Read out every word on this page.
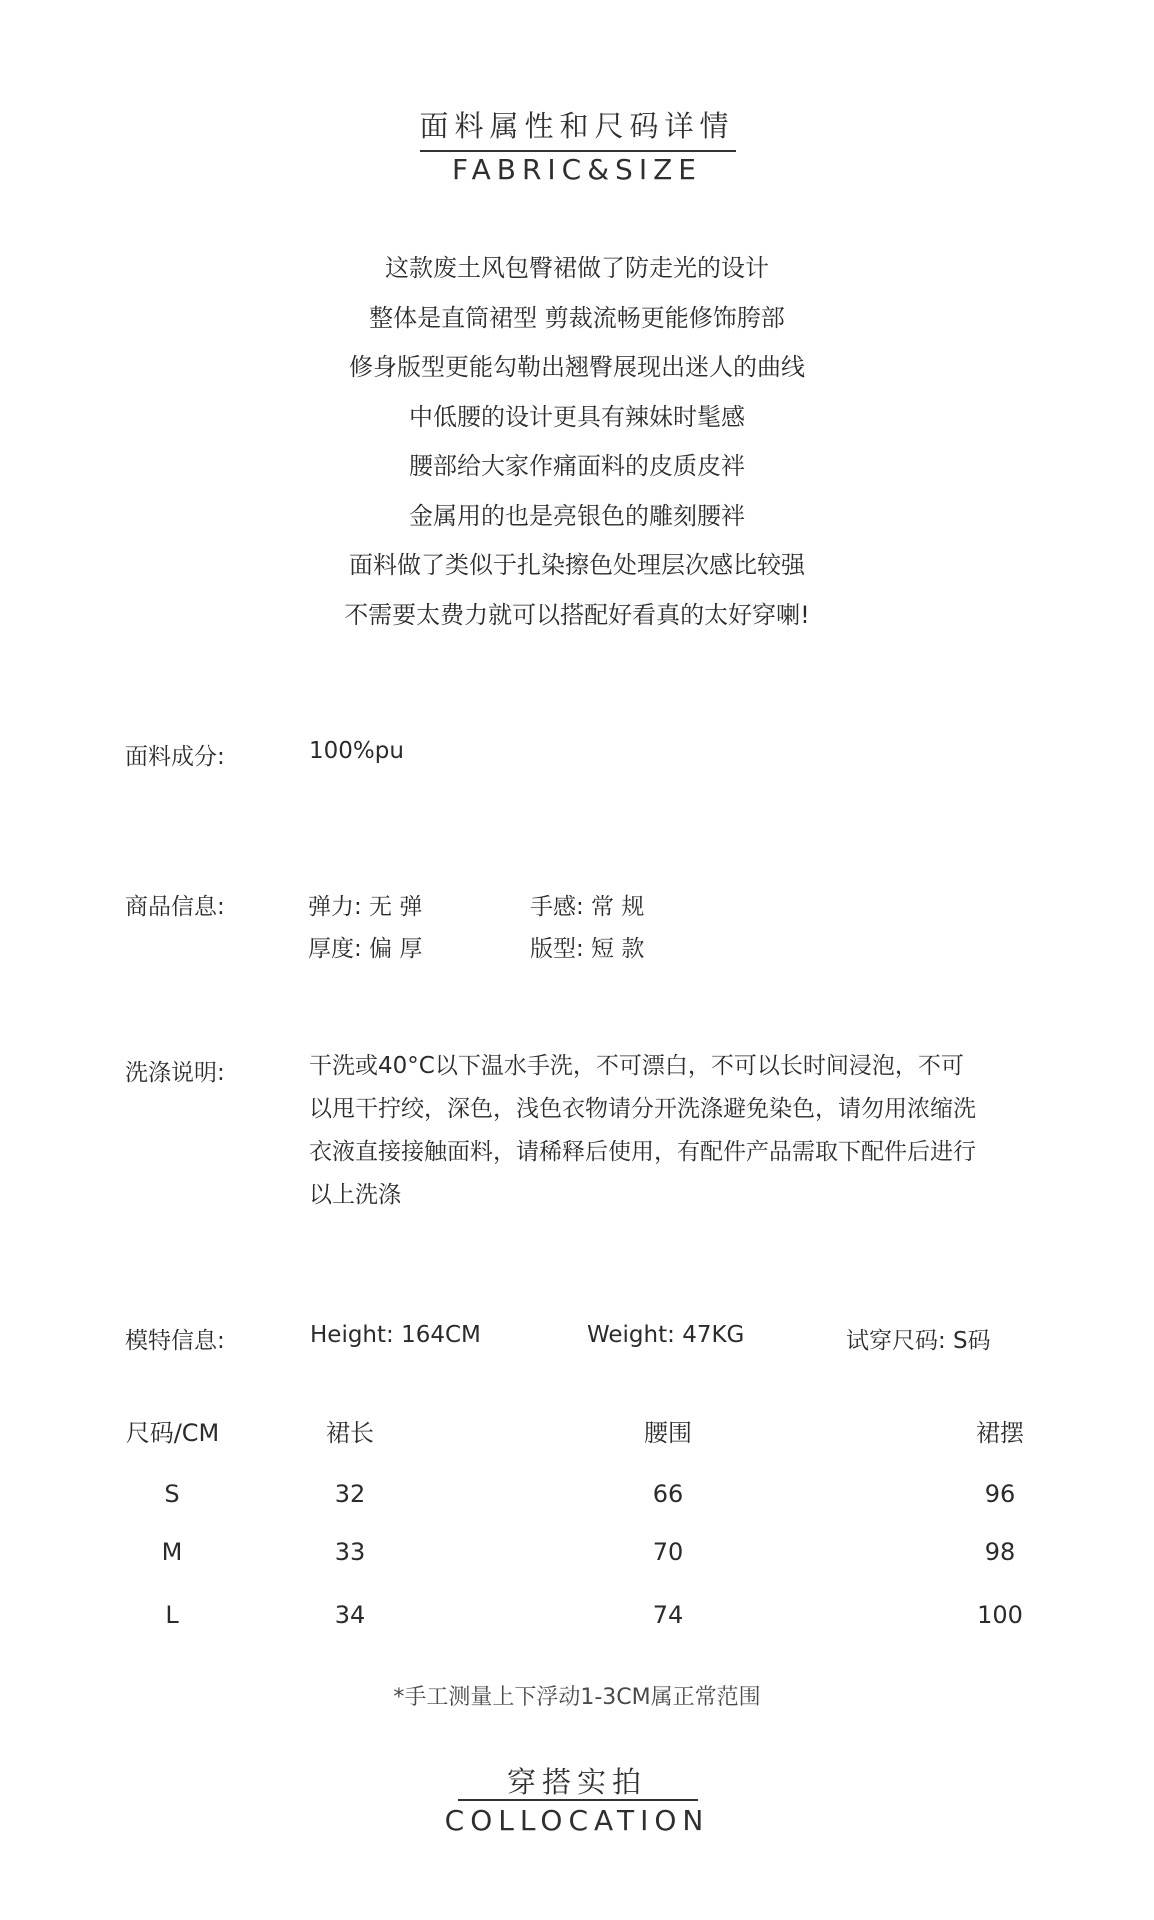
面料属性和尺码详情
FABRIC&SIZE
这款废土风包臀裙做了防走光的设计
整体是直筒裙型 剪裁流畅更能修饰胯部
修身版型更能勾勒出翘臀展现出迷人的曲线
中低腰的设计更具有辣妹时髦感
腰部给大家作痛面料的皮质皮袢
金属用的也是亮银色的雕刻腰袢
面料做了类似于扎染擦色处理层次感比较强
不需要太费力就可以搭配好看真的太好穿喇!
面料成分:	100%pu
商品信息:	弹力: 无 弹	手感: 常 规
厚度: 偏 厚	版型: 短 款
洗涤说明:	干洗或40°C以下温水手洗，不可漂白，不可以长时间浸泡，不可
以甩干拧绞，深色，浅色衣物请分开洗涤避免染色，请勿用浓缩洗
衣液直接接触面料，请稀释后使用，有配件产品需取下配件后进行
以上洗涤
模特信息:	Height: 164CM	Weight: 47KG	试穿尺码: S码
尺码/CM	裙长	腰围	裙摆
S	32	66	96
M	33	70	98
L	34	74	100
*手工测量上下浮动1-3CM属正常范围
穿搭实拍
COLLOCATION
